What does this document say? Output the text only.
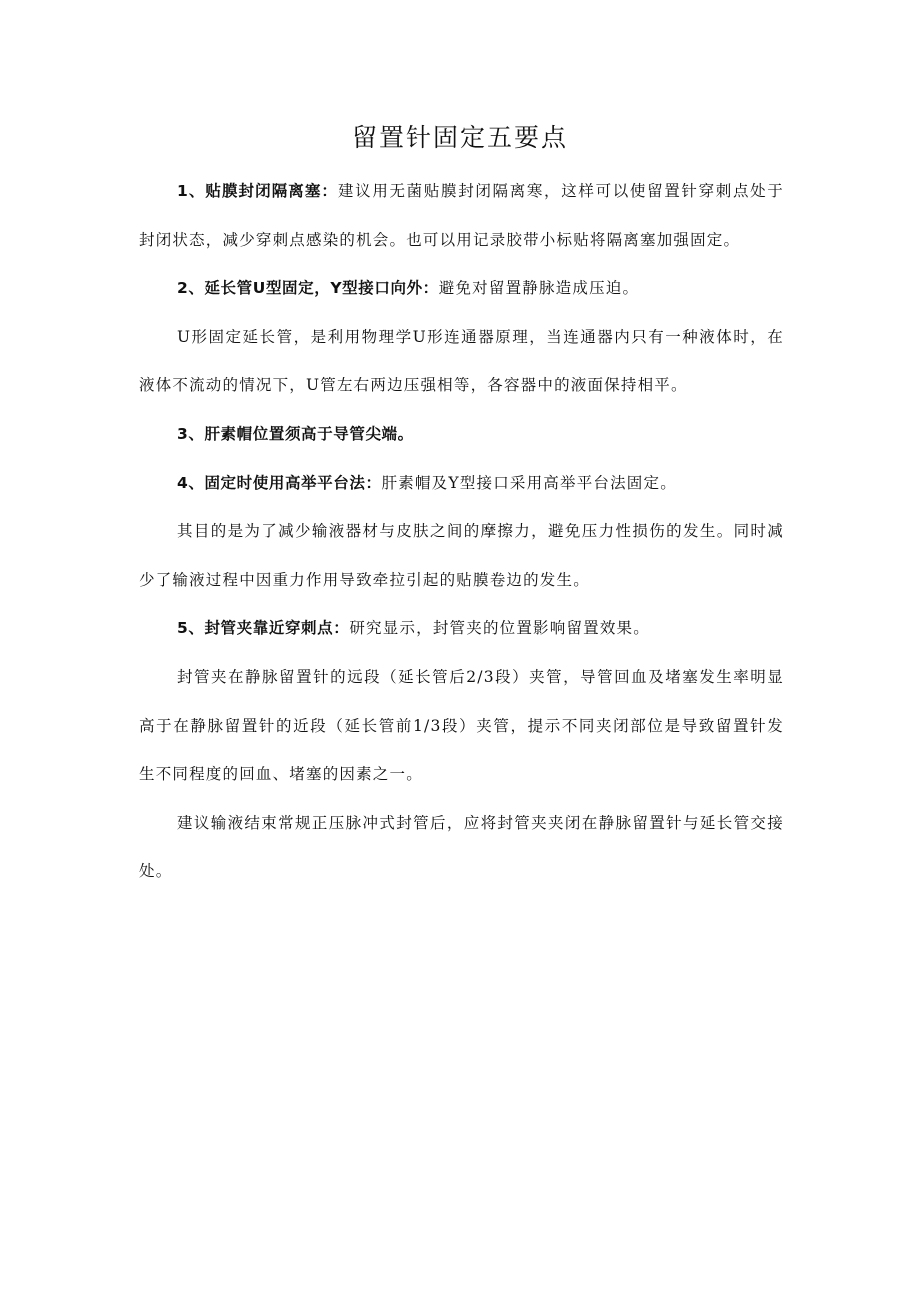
留置针固定五要点

1、贴膜封闭隔离塞：建议用无菌贴膜封闭隔离寒，这样可以使留置针穿刺点处于封闭状态，减少穿刺点感染的机会。也可以用记录胶带小标贴将隔离塞加强固定。

2、延长管U型固定，Y型接口向外：避免对留置静脉造成压迫。

U形固定延长管，是利用物理学U形连通器原理，当连通器内只有一种液体时，在液体不流动的情况下，U管左右两边压强相等，各容器中的液面保持相平。

3、肝素帽位置须高于导管尖端。

4、固定时使用高举平台法：肝素帽及Y型接口采用高举平台法固定。

其目的是为了减少输液器材与皮肤之间的摩擦力，避免压力性损伤的发生。同时减少了输液过程中因重力作用导致牵拉引起的贴膜卷边的发生。

5、封管夹靠近穿刺点：研究显示，封管夹的位置影响留置效果。

封管夹在静脉留置针的远段（延长管后2/3段）夹管，导管回血及堵塞发生率明显高于在静脉留置针的近段（延长管前1/3段）夹管，提示不同夹闭部位是导致留置针发生不同程度的回血、堵塞的因素之一。

建议输液结束常规正压脉冲式封管后，应将封管夹夹闭在静脉留置针与延长管交接处。
